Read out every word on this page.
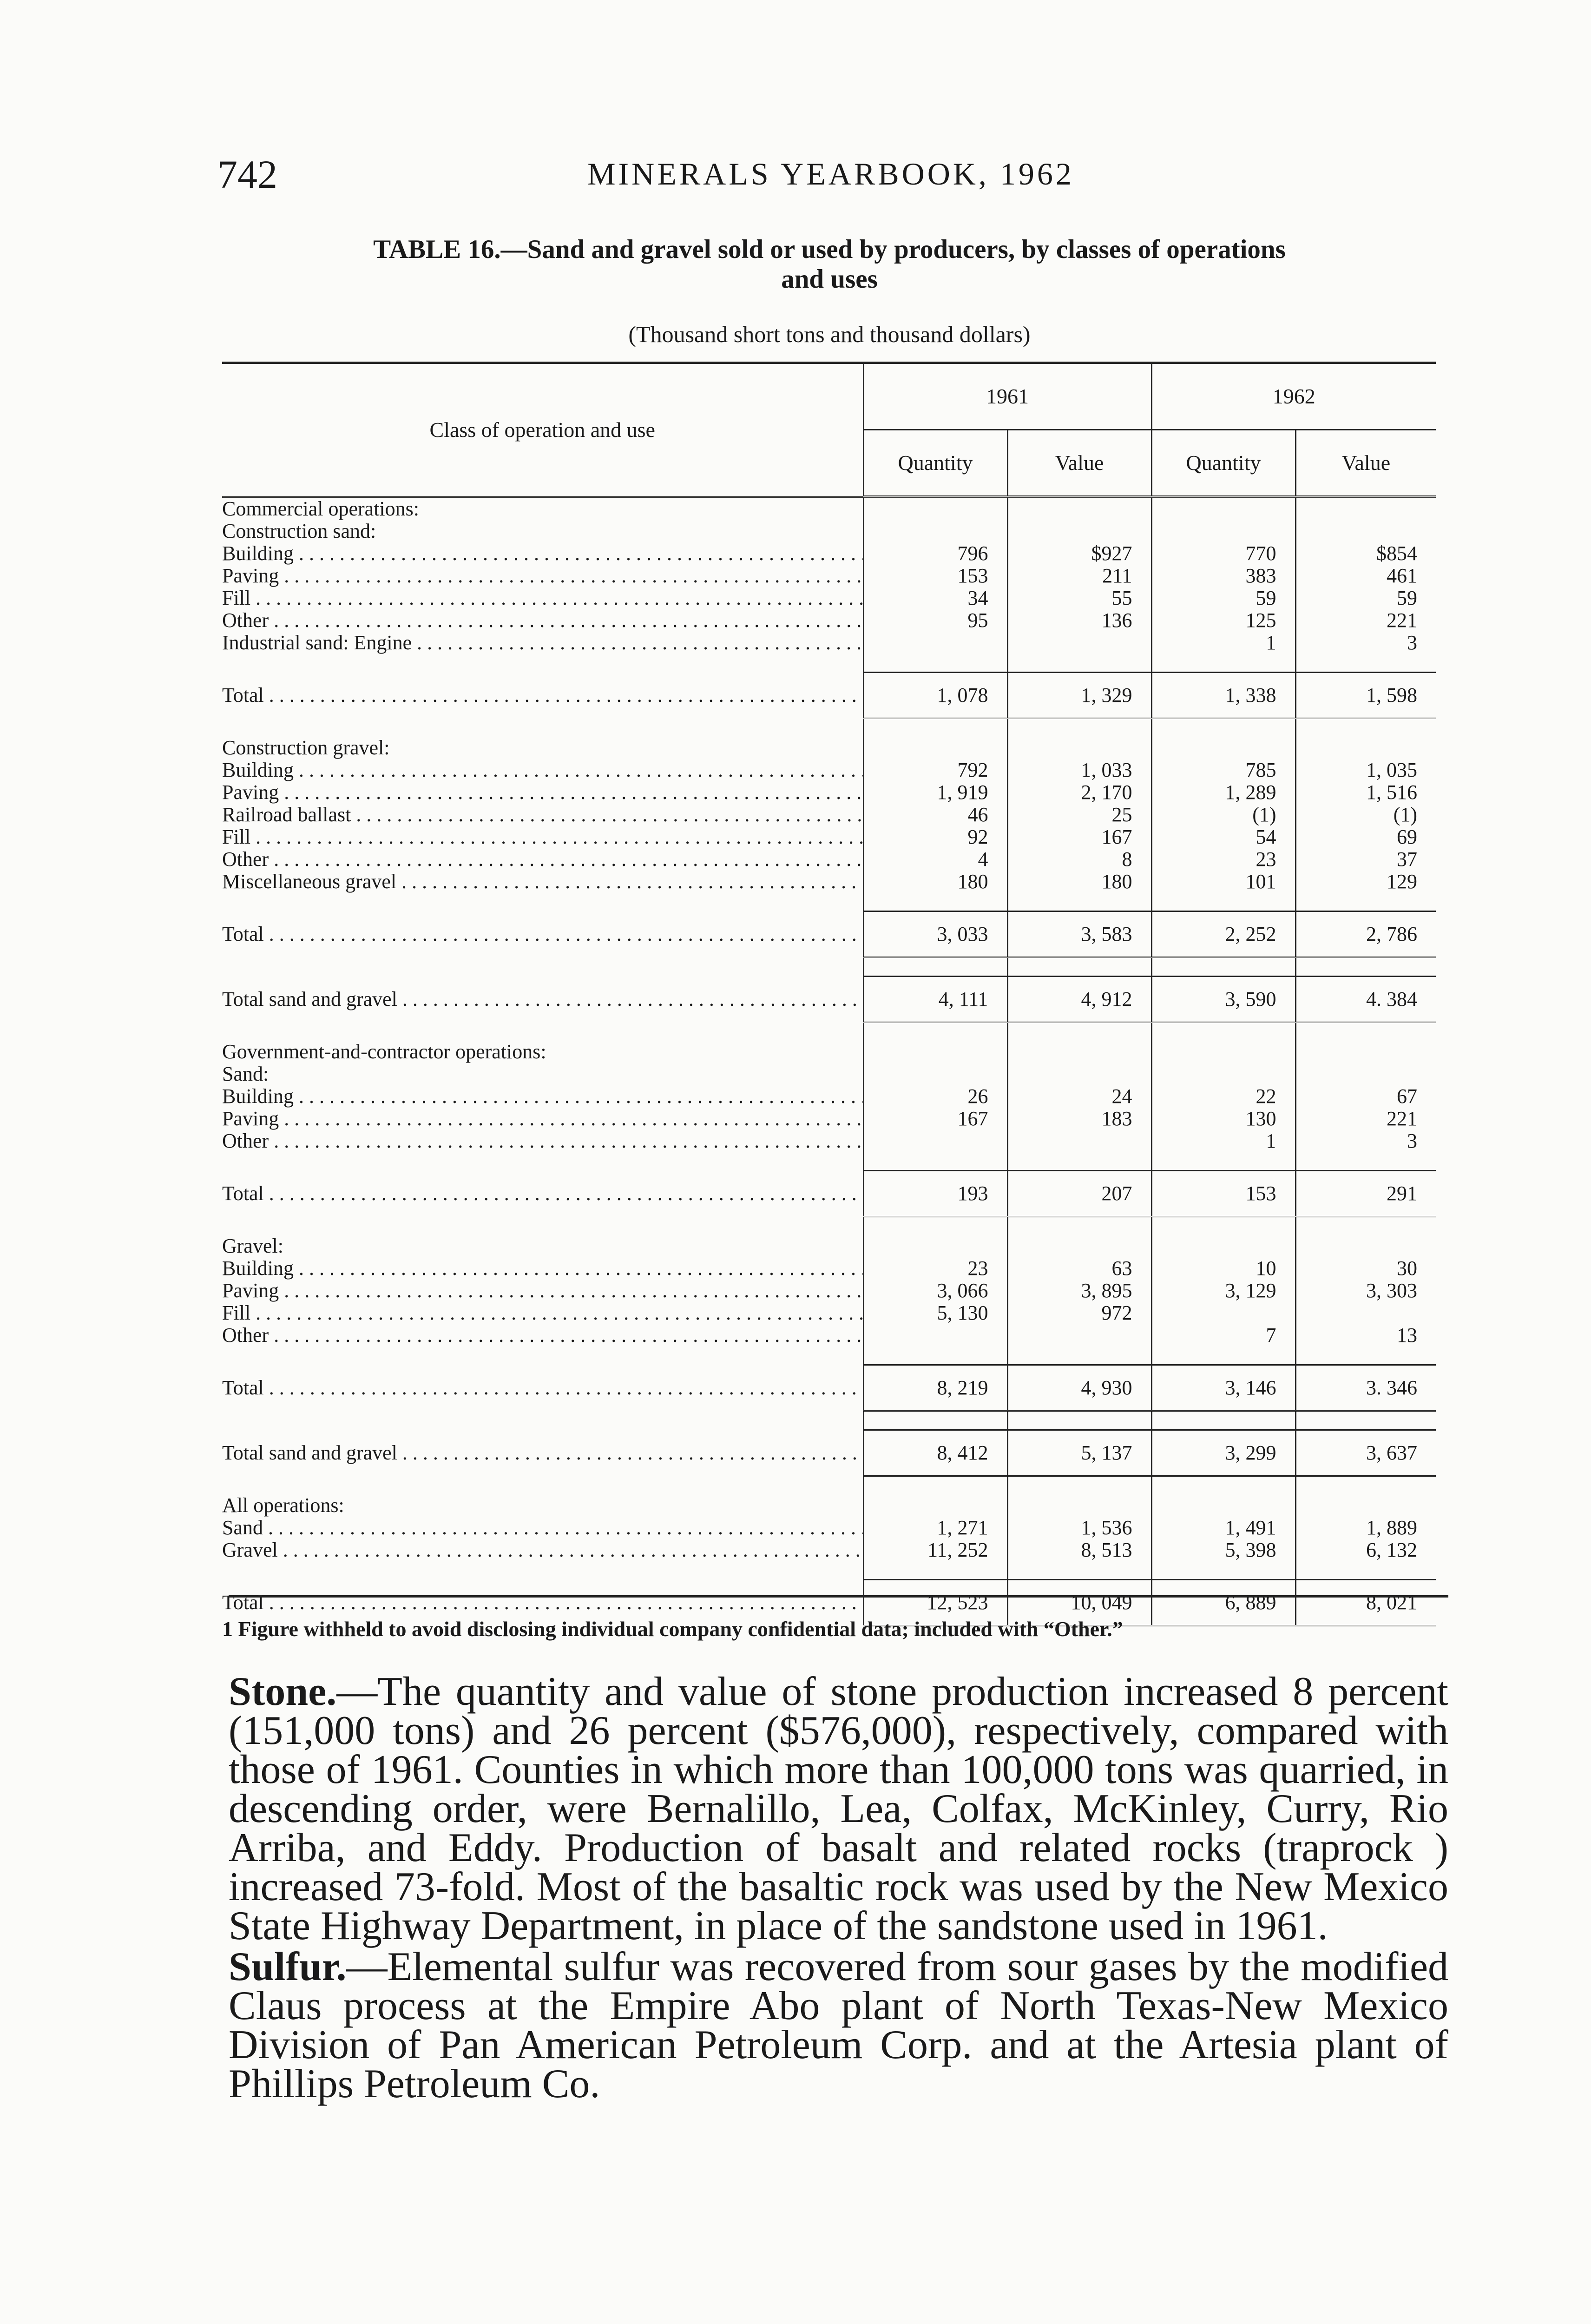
742	MINERALS YEARBOOK, 1962
TABLE 16.—Sand and gravel sold or used by producers, by classes of operations
and uses
(Thousand short tons and thousand dollars)
Class of operation and use	1961		1962	
	Quantity	Value	Quantity	Value
Commercial operations:				
Construction sand:				
Building . . .	796	$927	770	$854
Paving . . .	153	211	383	461
Fill . . .	34	55	59	59
Other . . .	95	136	125	221
Industrial sand: Engine . . .			1	3

Total . . .	1, 078	1, 329	1, 338	1, 598

Construction gravel:				
Building . . .	792	1, 033	785	1, 035
Paving . . .	1, 919	2, 170	1, 289	1, 516
Railroad ballast . . .	46	25	(1)	(1)
Fill . . .	92	167	54	69
Other . . .	4	8	23	37
Miscellaneous gravel . . .	180	180	101	129

Total . . .	3, 033	3, 583	2, 252	2, 786

Total sand and gravel . . .	4, 111	4, 912	3, 590	4. 384

Government-and-contractor operations:				
Sand:				
Building . . .	26	24	22	67
Paving . . .	167	183	130	221
Other . . .			1	3

Total . . .	193	207	153	291

Gravel:				
Building . . .	23	63	10	30
Paving . . .	3, 066	3, 895	3, 129	3, 303
Fill . . .	5, 130	972		
Other . . .			7	13

Total . . .	8, 219	4, 930	3, 146	3. 346

Total sand and gravel . . .	8, 412	5, 137	3, 299	3, 637

All operations:				
Sand . . .	1, 271	1, 536	1, 491	1, 889
Gravel . . .	11, 252	8, 513	5, 398	6, 132

Total . . .	12, 523	10, 049	6, 889	8, 021
1 Figure withheld to avoid disclosing individual company confidential data; included with “Other.”

Stone.—The quantity and value of stone production increased 8 percent (151,000 tons) and 26 percent ($576,000), respectively, compared with those of 1961. Counties in which more than 100,000 tons was quarried, in descending order, were Bernalillo, Lea, Colfax, McKinley, Curry, Rio Arriba, and Eddy. Production of basalt and related rocks (traprock ) increased 73-fold. Most of the basaltic rock was used by the New Mexico State Highway Department, in place of the sandstone used in 1961.

Sulfur.—Elemental sulfur was recovered from sour gases by the modified Claus process at the Empire Abo plant of North Texas-New Mexico Division of Pan American Petroleum Corp. and at the Artesia plant of Phillips Petroleum Co.
